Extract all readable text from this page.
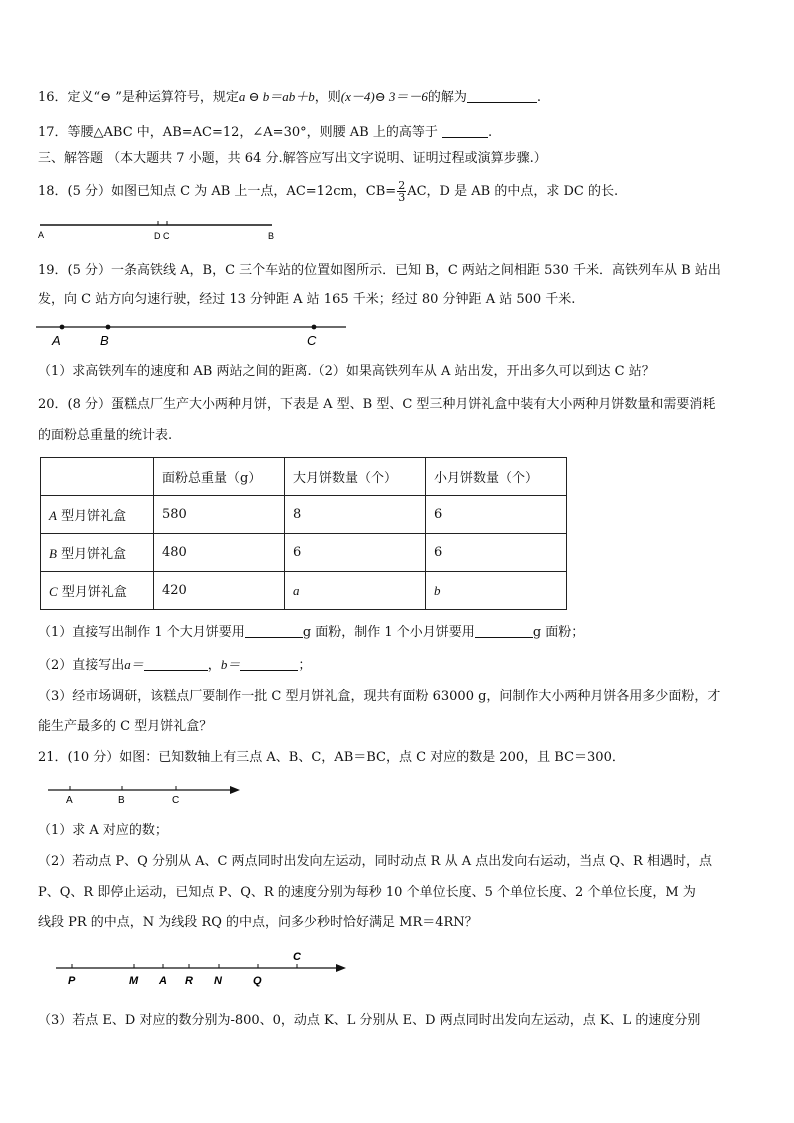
16．定义“⊖ ”是种运算符号，规定a ⊖ b＝ab＋b，则(x－4)⊖ 3＝－6的解为	.
17．等腰△ABC 中，AB=AC=12，∠A=30°，则腰 AB 上的高等于	.
三、解答题 （本大题共 7 小题，共 64 分.解答应写出文字说明、证明过程或演算步骤.）
18．(5 分）如图已知点 C 为 AB 上一点，AC=12cm，$CB= \frac{2}{3}$ AC，D 是 AB 的中点，求 DC 的长.
A	D C	B
19．(5 分）一条高铁线 A，B，C 三个车站的位置如图所示．已知 B，C 两站之间相距 530 千米．高铁列车从 B 站出
发，向 C 站方向匀速行驶，经过 13 分钟距 A 站 165 千米；经过 80 分钟距 A 站 500 千米.
A	B	C
（1）求高铁列车的速度和 AB 两站之间的距离.（2）如果高铁列车从 A 站出发，开出多久可以到达 C 站？
20．(8 分）蛋糕点厂生产大小两种月饼，下表是 A 型、B 型、C 型三种月饼礼盒中装有大小两种月饼数量和需要消耗
的面粉总重量的统计表.
	面粉总重量（g）	大月饼数量（个）	小月饼数量（个）
A 型月饼礼盒	580	8	6
B 型月饼礼盒	480	6	6
C 型月饼礼盒	420	a	b
（1）直接写出制作 1 个大月饼要用	g 面粉，制作 1 个小月饼要用	g 面粉；
（2）直接写出a＝	，b＝	；
（3）经市场调研，该糕点厂要制作一批 C 型月饼礼盒，现共有面粉 63000 g，问制作大小两种月饼各用多少面粉，才
能生产最多的 C 型月饼礼盒？
21．(10 分）如图：已知数轴上有三点 A、B、C，AB＝BC，点 C 对应的数是 200，且 BC＝300．
A	B	C
（1）求 A 对应的数；
（2）若动点 P、Q 分别从 A、C 两点同时出发向左运动，同时动点 R 从 A 点出发向右运动，当点 Q、R 相遇时，点
P、Q、R 即停止运动，已知点 P、Q、R 的速度分别为每秒 10 个单位长度、5 个单位长度、2 个单位长度，M 为
线段 PR 的中点，N 为线段 RQ 的中点，问多少秒时恰好满足 MR＝4RN？
P	M A R N	Q
C
（3）若点 E、D 对应的数分别为-800、0，动点 K、L 分别从 E、D 两点同时出发向左运动，点 K、L 的速度分别
